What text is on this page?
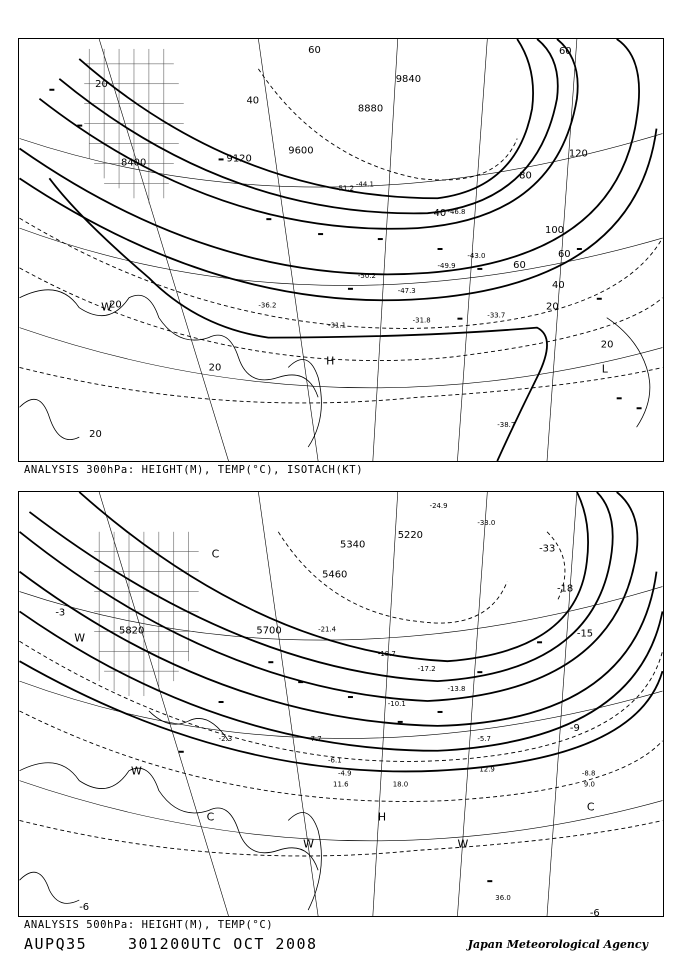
20
40
60
80
100
120
60
60
40
20
40
20
20
20
20
60
8400	9120
9600
9840
8880
-51.2
-46.8
-44.1
-50.2
-47.3
-49.9
-43.0
-31.1
-36.2
-33.7
-31.8
-38.7
H
L
W
ANALYSIS 300hPa: HEIGHT(M), TEMP(°C), ISOTACH(KT)
5340
5220
5460
5700
5820
-3
-6
-33
-18
-15
-9
-6
-24.9
-33.0
-21.4
-18.7
-17.2
-13.8
-10.1
-7.7
-6.1
-4.9
-2.3
-8.8
-5.7
11.6	18.0
12.9
9.0
36.0
H
C
C
C
W
W	W
W
ANALYSIS 500hPa: HEIGHT(M), TEMP(°C)
AUPQ35	301200UTC OCT 2008	Japan Meteorological Agency
